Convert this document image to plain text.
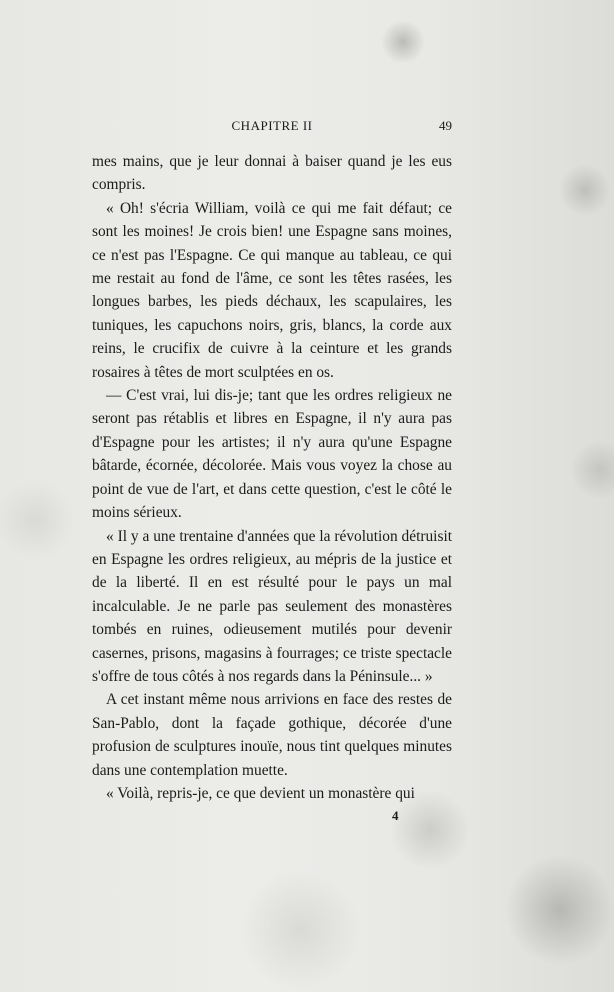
CHAPITRE II	49

mes mains, que je leur donnai à baiser quand je les eus compris.

« Oh! s'écria William, voilà ce qui me fait défaut; ce sont les moines! Je crois bien! une Espagne sans moines, ce n'est pas l'Espagne. Ce qui manque au tableau, ce qui me restait au fond de l'âme, ce sont les têtes rasées, les longues barbes, les pieds déchaux, les scapulaires, les tuniques, les capuchons noirs, gris, blancs, la corde aux reins, le crucifix de cuivre à la ceinture et les grands rosaires à têtes de mort sculptées en os.

— C'est vrai, lui dis-je; tant que les ordres religieux ne seront pas rétablis et libres en Espagne, il n'y aura pas d'Espagne pour les artistes; il n'y aura qu'une Espagne bâtarde, écornée, décolorée. Mais vous voyez la chose au point de vue de l'art, et dans cette question, c'est le côté le moins sérieux.

« Il y a une trentaine d'années que la révolution détruisit en Espagne les ordres religieux, au mépris de la justice et de la liberté. Il en est résulté pour le pays un mal incalculable. Je ne parle pas seulement des monastères tombés en ruines, odieusement mutilés pour devenir casernes, prisons, magasins à fourrages; ce triste spectacle s'offre de tous côtés à nos regards dans la Péninsule... »

A cet instant même nous arrivions en face des restes de San-Pablo, dont la façade gothique, décorée d'une profusion de sculptures inouïe, nous tint quelques minutes dans une contemplation muette.

« Voilà, repris-je, ce que devient un monastère qui

4
